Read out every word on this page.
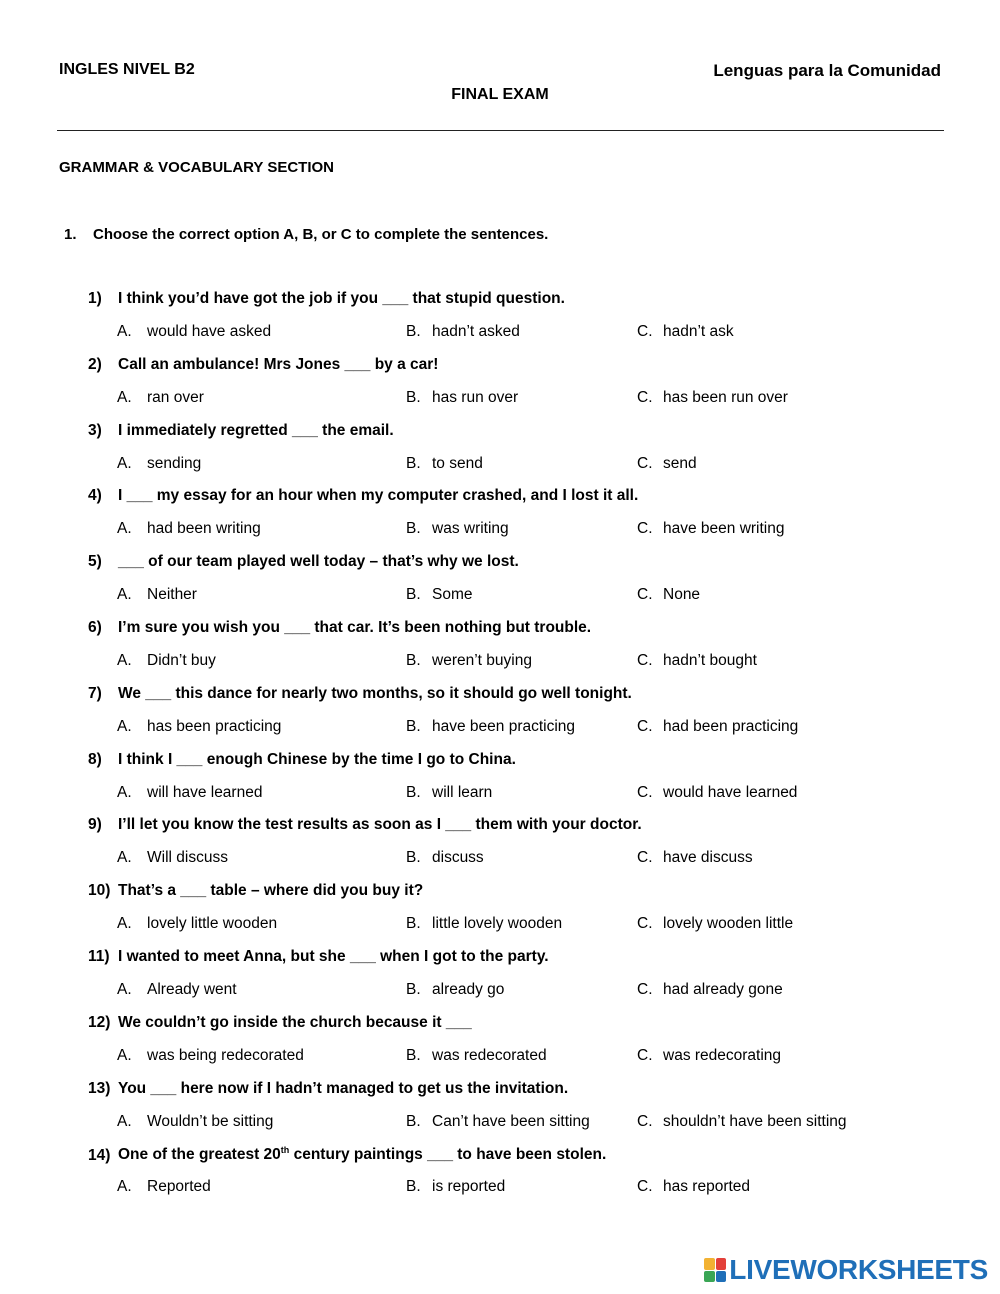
INGLES NIVEL B2	Lenguas para la Comunidad
FINAL EXAM
GRAMMAR & VOCABULARY SECTION
1. Choose the correct option A, B, or C to complete the sentences.
1) I think you’d have got the job if you ___ that stupid question.
A. would have asked	B. hadn’t asked	C. hadn’t ask
2) Call an ambulance! Mrs Jones ___ by a car!
A. ran over	B. has run over	C. has been run over
3) I immediately regretted ___ the email.
A. sending	B. to send	C. send
4) I ___ my essay for an hour when my computer crashed, and I lost it all.
A. had been writing	B. was writing	C. have been writing
5) ___ of our team played well today – that’s why we lost.
A. Neither	B. Some	C. None
6) I’m sure you wish you ___ that car. It’s been nothing but trouble.
A. Didn’t buy	B. weren’t buying	C. hadn’t bought
7) We ___ this dance for nearly two months, so it should go well tonight.
A. has been practicing	B. have been practicing	C. had been practicing
8) I think I ___ enough Chinese by the time I go to China.
A. will have learned	B. will learn	C. would have learned
9) I’ll let you know the test results as soon as I ___ them with your doctor.
A. Will discuss	B. discuss	C. have discuss
10) That’s a ___ table – where did you buy it?
A. lovely little wooden	B. little lovely wooden	C. lovely wooden little
11) I wanted to meet Anna, but she ___ when I got to the party.
A. Already went	B. already go	C. had already gone
12) We couldn’t go inside the church because it ___
A. was being redecorated	B. was redecorated	C. was redecorating
13) You ___ here now if I hadn’t managed to get us the invitation.
A. Wouldn’t be sitting	B. Can’t have been sitting	C. shouldn’t have been sitting
14) One of the greatest 20th century paintings ___ to have been stolen.
A. Reported	B. is reported	C. has reported
LIVEWORKSHEETS
